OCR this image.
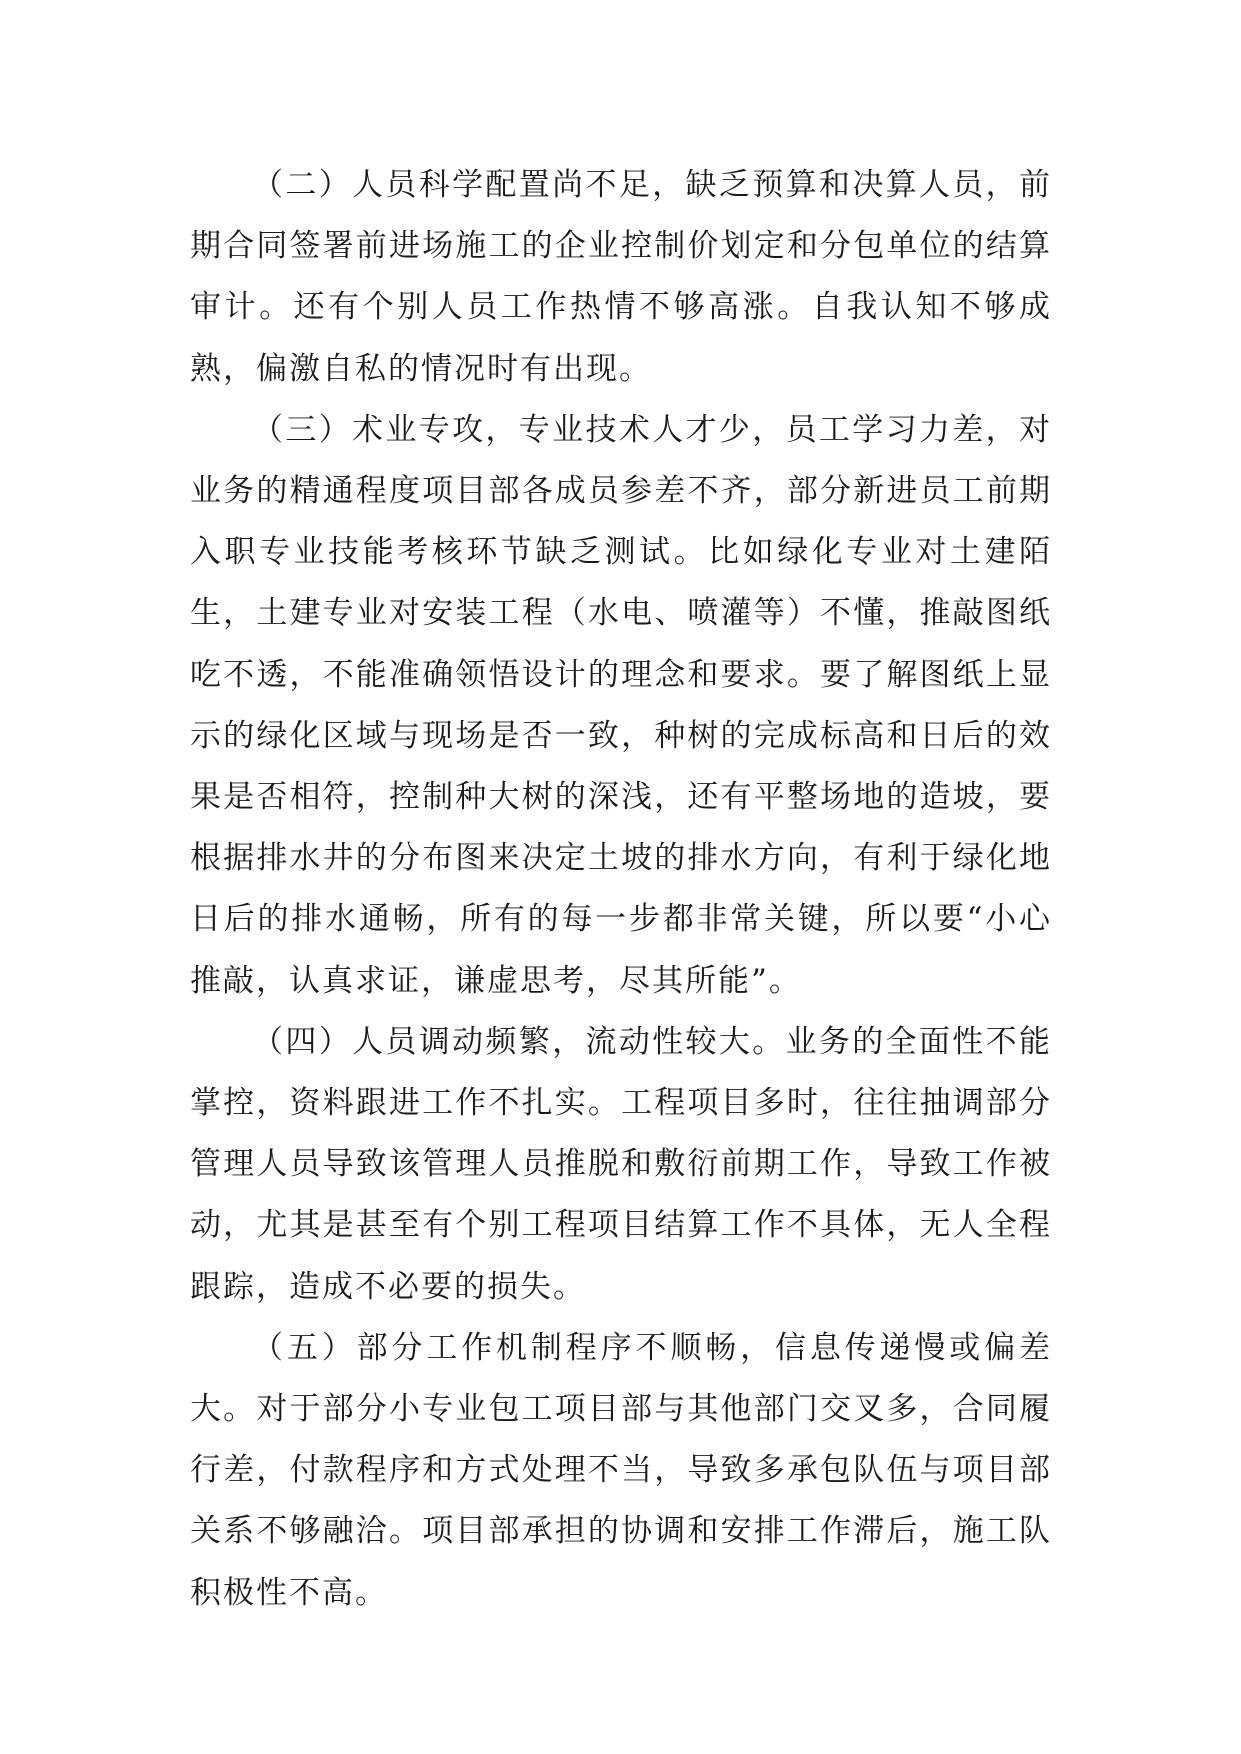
（二）人员科学配置尚不足，缺乏预算和决算人员，前期合同签署前进场施工的企业控制价划定和分包单位的结算审计。还有个别人员工作热情不够高涨。自我认知不够成熟，偏激自私的情况时有出现。

（三）术业专攻，专业技术人才少，员工学习力差，对业务的精通程度项目部各成员参差不齐，部分新进员工前期入职专业技能考核环节缺乏测试。比如绿化专业对土建陌生，土建专业对安装工程（水电、喷灌等）不懂，推敲图纸吃不透，不能准确领悟设计的理念和要求。要了解图纸上显示的绿化区域与现场是否一致，种树的完成标高和日后的效果是否相符，控制种大树的深浅，还有平整场地的造坡，要根据排水井的分布图来决定土坡的排水方向，有利于绿化地日后的排水通畅，所有的每一步都非常关键，所以要“小心推敲，认真求证，谦虚思考，尽其所能”。

（四）人员调动频繁，流动性较大。业务的全面性不能掌控，资料跟进工作不扎实。工程项目多时，往往抽调部分管理人员导致该管理人员推脱和敷衍前期工作，导致工作被动，尤其是甚至有个别工程项目结算工作不具体，无人全程跟踪，造成不必要的损失。

（五）部分工作机制程序不顺畅，信息传递慢或偏差大。对于部分小专业包工项目部与其他部门交叉多，合同履行差，付款程序和方式处理不当，导致多承包队伍与项目部关系不够融洽。项目部承担的协调和安排工作滞后，施工队积极性不高。
